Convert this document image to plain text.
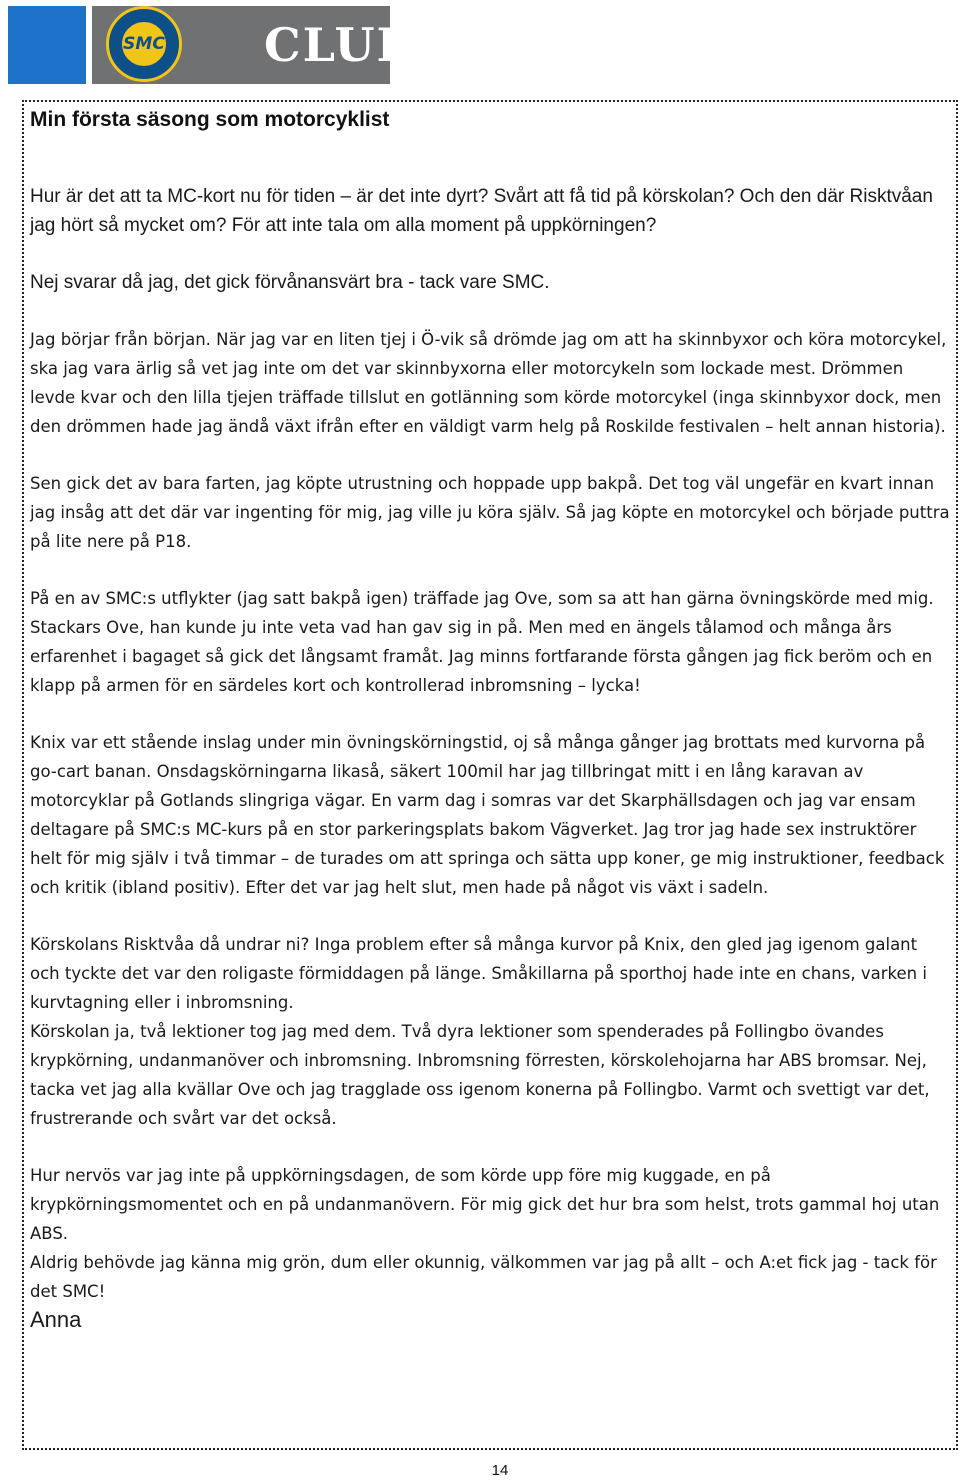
SMC CLUB
Min första säsong som motorcyklist

Hur är det att ta MC-kort nu för tiden – är det inte dyrt? Svårt att få tid på körskolan? Och den där Risktvåan jag hört så mycket om? För att inte tala om alla moment på uppkörningen?

Nej svarar då jag, det gick förvånansvärt bra - tack vare SMC.

Jag börjar från början. När jag var en liten tjej i Ö-vik så drömde jag om att ha skinnbyxor och köra motorcykel, ska jag vara ärlig så vet jag inte om det var skinnbyxorna eller motorcykeln som lockade mest. Drömmen levde kvar och den lilla tjejen träffade tillslut en gotlänning som körde motorcykel (inga skinnbyxor dock, men den drömmen hade jag ändå växt ifrån efter en väldigt varm helg på Roskilde festivalen – helt annan historia).

Sen gick det av bara farten, jag köpte utrustning och hoppade upp bakpå. Det tog väl ungefär en kvart innan jag insåg att det där var ingenting för mig, jag ville ju köra själv. Så jag köpte en motorcykel och började puttra på lite nere på P18.

På en av SMC:s utflykter (jag satt bakpå igen) träffade jag Ove, som sa att han gärna övningskörde med mig. Stackars Ove, han kunde ju inte veta vad han gav sig in på. Men med en ängels tålamod och många års erfarenhet i bagaget så gick det långsamt framåt. Jag minns fortfarande första gången jag fick beröm och en klapp på armen för en särdeles kort och kontrollerad inbromsning – lycka!

Knix var ett stående inslag under min övningskörningstid, oj så många gånger jag brottats med kurvorna på go-cart banan. Onsdagskörningarna likaså, säkert 100mil har jag tillbringat mitt i en lång karavan av motorcyklar på Gotlands slingriga vägar. En varm dag i somras var det Skarphällsdagen och jag var ensam deltagare på SMC:s MC-kurs på en stor parkeringsplats bakom Vägverket. Jag tror jag hade sex instruktörer helt för mig själv i två timmar – de turades om att springa och sätta upp koner, ge mig instruktioner, feedback och kritik (ibland positiv). Efter det var jag helt slut, men hade på något vis växt i sadeln.

Körskolans Risktvåa då undrar ni? Inga problem efter så många kurvor på Knix, den gled jag igenom galant och tyckte det var den roligaste förmiddagen på länge. Småkillarna på sporthoj hade inte en chans, varken i kurvtagning eller i inbromsning.

Körskolan ja, två lektioner tog jag med dem. Två dyra lektioner som spenderades på Follingbo övandes krypkörning, undanmanöver och inbromsning. Inbromsning förresten, körskolehojarna har ABS bromsar. Nej, tacka vet jag alla kvällar Ove och jag tragglade oss igenom konerna på Follingbo. Varmt och svettigt var det, frustrerande och svårt var det också.

Hur nervös var jag inte på uppkörningsdagen, de som körde upp före mig kuggade, en på krypkörningsmomentet och en på undanmanövern. För mig gick det hur bra som helst, trots gammal hoj utan ABS.

Aldrig behövde jag känna mig grön, dum eller okunnig, välkommen var jag på allt – och A:et fick jag - tack för det SMC!

Anna

14
